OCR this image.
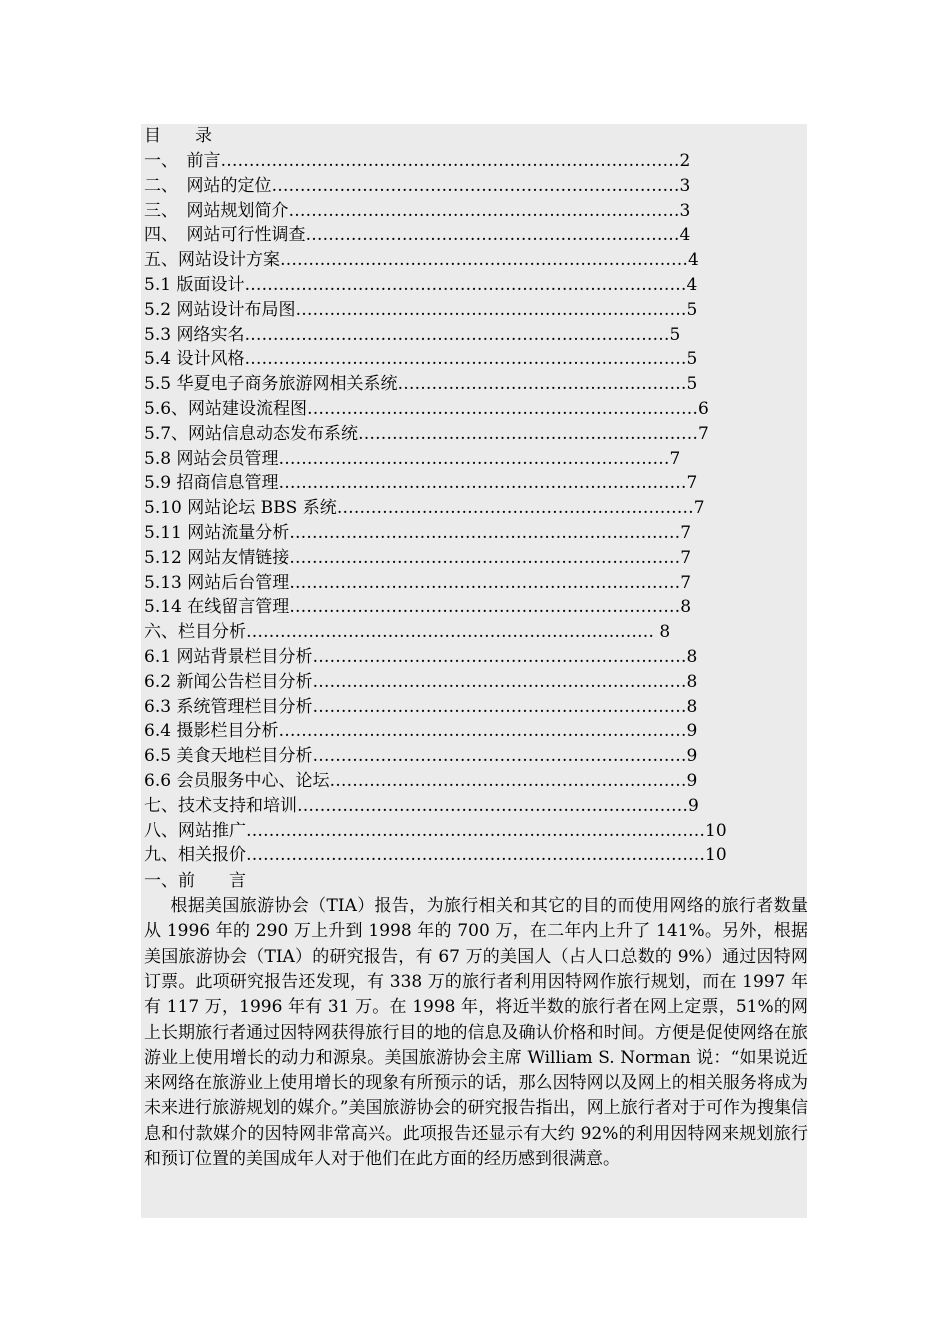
目　　录
一、　前言………………………………………………………………………2
二、　网站的定位………………………………………………………………3
三、　网站规划简介……………………………………………………………3
四、　网站可行性调查…………………………………………………………4
五、网站设计方案………………………………………………………………4
5.1 版面设计……………………………………………………………………4
5.2 网站设计布局图……………………………………………………………5
5.3 网络实名…………………………………………………………………5
5.4 设计风格……………………………………………………………………5
5.5 华夏电子商务旅游网相关系统……………………………………………5
5.6、网站建设流程图……………………………………………………………6
5.7、网站信息动态发布系统……………………………………………………7
5.8 网站会员管理……………………………………………………………7
5.9 招商信息管理………………………………………………………………7
5.10 网站论坛 BBS 系统………………………………………………………7
5.11 网站流量分析……………………………………………………………7
5.12 网站友情链接……………………………………………………………7
5.13 网站后台管理……………………………………………………………7
5.14 在线留言管理……………………………………………………………8
六、栏目分析……………………………………………………………… 8
6.1 网站背景栏目分析…………………………………………………………8
6.2 新闻公告栏目分析…………………………………………………………8
6.3 系统管理栏目分析…………………………………………………………8
6.4 摄影栏目分析………………………………………………………………9
6.5 美食天地栏目分析…………………………………………………………9
6.6 会员服务中心、论坛………………………………………………………9
七、技术支持和培训……………………………………………………………9
八、网站推广………………………………………………………………………10
九、相关报价………………………………………………………………………10
一、前　　言

根据美国旅游协会（TIA）报告，为旅行相关和其它的目的而使用网络的旅行者数量从 1996 年的 290 万上升到 1998 年的 700 万，在二年内上升了 141%。另外，根据美国旅游协会（TIA）的研究报告，有 67 万的美国人（占人口总数的 9%）通过因特网订票。此项研究报告还发现，有 338 万的旅行者利用因特网作旅行规划，而在 1997 年有 117 万，1996 年有 31 万。在 1998 年，将近半数的旅行者在网上定票，51%的网上长期旅行者通过因特网获得旅行目的地的信息及确认价格和时间。方便是促使网络在旅游业上使用增长的动力和源泉。美国旅游协会主席 William S. Norman 说：“如果说近来网络在旅游业上使用增长的现象有所预示的话，那么因特网以及网上的相关服务将成为未来进行旅游规划的媒介。”美国旅游协会的研究报告指出，网上旅行者对于可作为搜集信息和付款媒介的因特网非常高兴。此项报告还显示有大约 92%的利用因特网来规划旅行和预订位置的美国成年人对于他们在此方面的经历感到很满意。
